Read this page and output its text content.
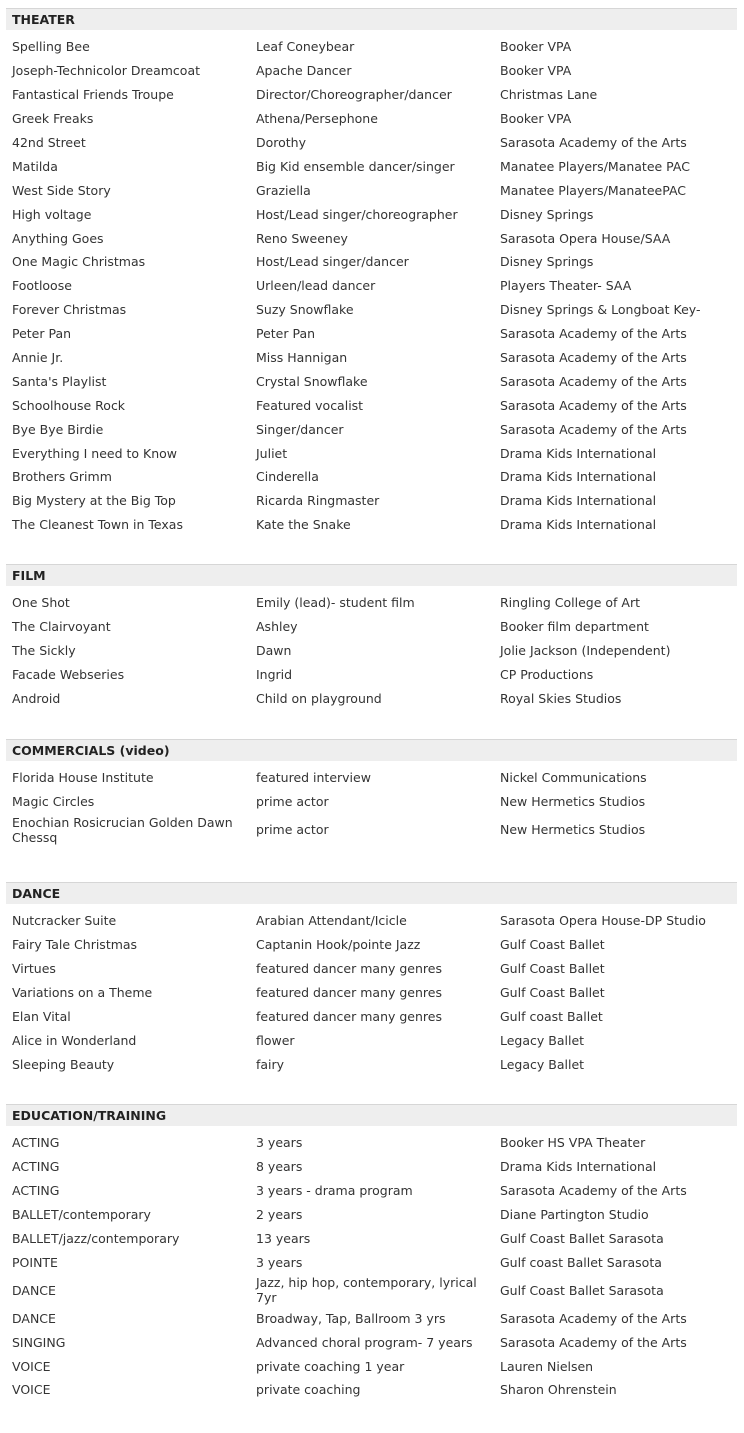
THEATER
Spelling Bee	Leaf Coneybear	Booker VPA
Joseph-Technicolor Dreamcoat	Apache Dancer	Booker VPA
Fantastical Friends Troupe	Director/Choreographer/dancer	Christmas Lane
Greek Freaks	Athena/Persephone	Booker VPA
42nd Street	Dorothy	Sarasota Academy of the Arts
Matilda	Big Kid ensemble dancer/singer	Manatee Players/Manatee PAC
West Side Story	Graziella	Manatee Players/ManateePAC
High voltage	Host/Lead singer/choreographer	Disney Springs
Anything Goes	Reno Sweeney	Sarasota Opera House/SAA
One Magic Christmas	Host/Lead singer/dancer	Disney Springs
Footloose	Urleen/lead dancer	Players Theater- SAA
Forever Christmas	Suzy Snowflake	Disney Springs & Longboat Key-
Peter Pan	Peter Pan	Sarasota Academy of the Arts
Annie Jr.	Miss Hannigan	Sarasota Academy of the Arts
Santa's Playlist	Crystal Snowflake	Sarasota Academy of the Arts
Schoolhouse Rock	Featured vocalist	Sarasota Academy of the Arts
Bye Bye Birdie	Singer/dancer	Sarasota Academy of the Arts
Everything I need to Know	Juliet	Drama Kids International
Brothers Grimm	Cinderella	Drama Kids International
Big Mystery at the Big Top	Ricarda Ringmaster	Drama Kids International
The Cleanest Town in Texas	Kate the Snake	Drama Kids International
FILM
One Shot	Emily (lead)- student film	Ringling College of Art
The Clairvoyant	Ashley	Booker film department
The Sickly	Dawn	Jolie Jackson (Independent)
Facade Webseries	Ingrid	CP Productions
Android	Child on playground	Royal Skies Studios
COMMERCIALS (video)
Florida House Institute	featured interview	Nickel Communications
Magic Circles	prime actor	New Hermetics Studios
Enochian Rosicrucian Golden Dawn Chessq	prime actor	New Hermetics Studios
DANCE
Nutcracker Suite	Arabian Attendant/Icicle	Sarasota Opera House-DP Studio
Fairy Tale Christmas	Captanin Hook/pointe Jazz	Gulf Coast Ballet
Virtues	featured dancer many genres	Gulf Coast Ballet
Variations on a Theme	featured dancer many genres	Gulf Coast Ballet
Elan Vital	featured dancer many genres	Gulf coast Ballet
Alice in Wonderland	flower	Legacy Ballet
Sleeping Beauty	fairy	Legacy Ballet
EDUCATION/TRAINING
ACTING	3 years	Booker HS VPA Theater
ACTING	8 years	Drama Kids International
ACTING	3 years - drama program	Sarasota Academy of the Arts
BALLET/contemporary	2 years	Diane Partington Studio
BALLET/jazz/contemporary	13 years	Gulf Coast Ballet Sarasota
POINTE	3 years	Gulf coast Ballet Sarasota
DANCE	Jazz, hip hop, contemporary, lyrical 7yr	Gulf Coast Ballet Sarasota
DANCE	Broadway, Tap, Ballroom 3 yrs	Sarasota Academy of the Arts
SINGING	Advanced choral program- 7 years	Sarasota Academy of the Arts
VOICE	private coaching 1 year	Lauren Nielsen
VOICE	private coaching	Sharon Ohrenstein
